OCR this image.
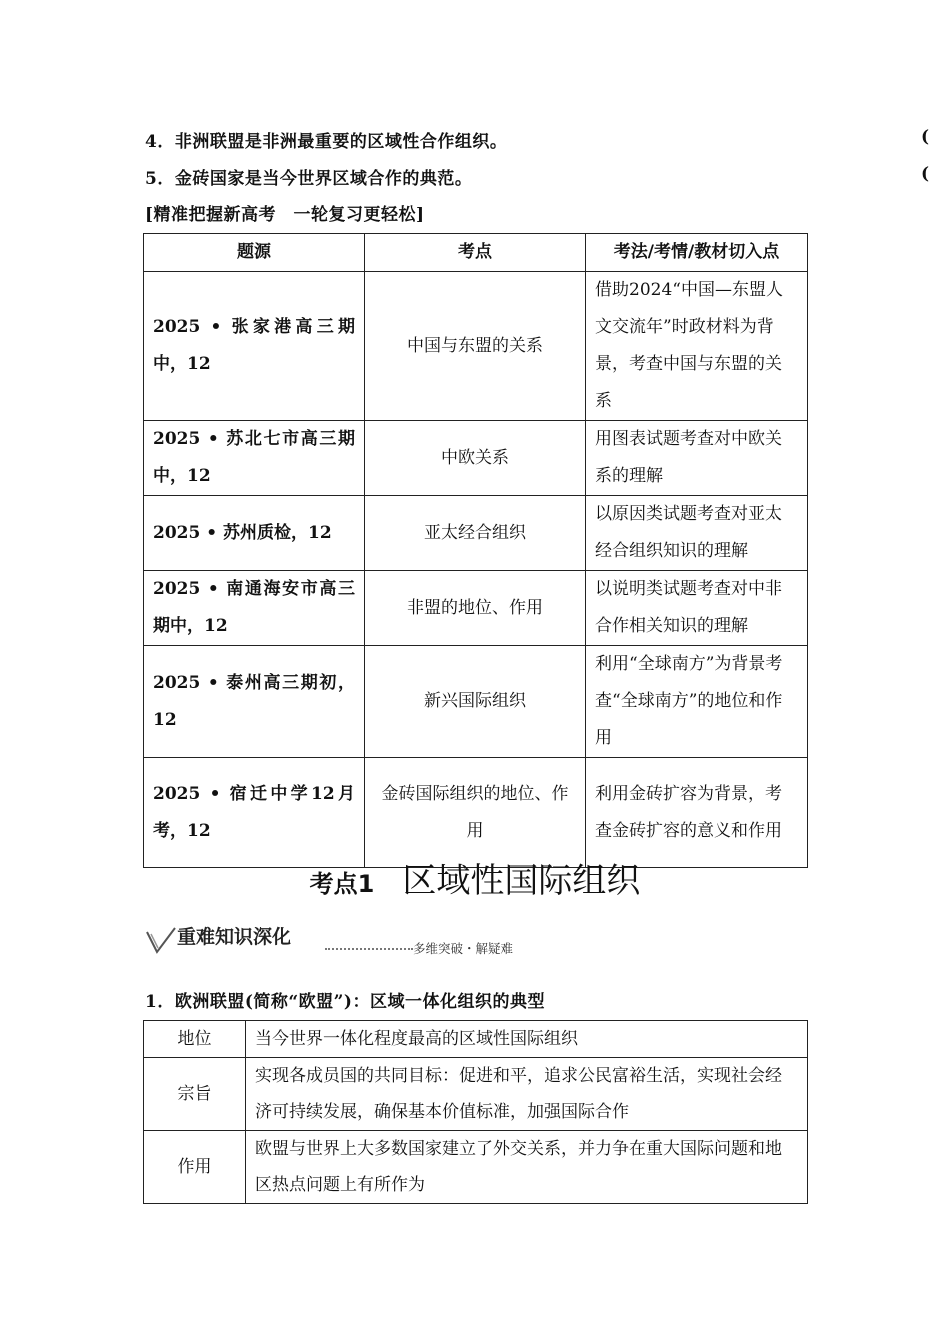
4．非洲联盟是非洲最重要的区域性合作组织。	(
5．金砖国家是当今世界区域合作的典范。	(
[精准把握新高考　一轮复习更轻松]
题源	考点	考法/考情/教材切入点
2025 • 张家港高三期中，12	中国与东盟的关系	借助2024“中国—东盟人文交流年”时政材料为背景，考查中国与东盟的关系
2025 • 苏北七市高三期中，12	中欧关系	用图表试题考查对中欧关系的理解
2025 • 苏州质检，12	亚太经合组织	以原因类试题考查对亚太经合组织知识的理解
2025 • 南通海安市高三期中，12	非盟的地位、作用	以说明类试题考查对中非合作相关知识的理解
2025 • 泰州高三期初，12	新兴国际组织	利用“全球南方”为背景考查“全球南方”的地位和作用
2025 • 宿迁中学12月考，12	金砖国际组织的地位、作用	利用金砖扩容为背景，考查金砖扩容的意义和作用
考点1 区域性国际组织
重难知识深化
多维突破・解疑难
1．欧洲联盟(简称“欧盟”)：区域一体化组织的典型
地位	当今世界一体化程度最高的区域性国际组织
宗旨	实现各成员国的共同目标：促进和平，追求公民富裕生活，实现社会经济可持续发展，确保基本价值标准，加强国际合作
作用	欧盟与世界上大多数国家建立了外交关系，并力争在重大国际问题和地区热点问题上有所作为
